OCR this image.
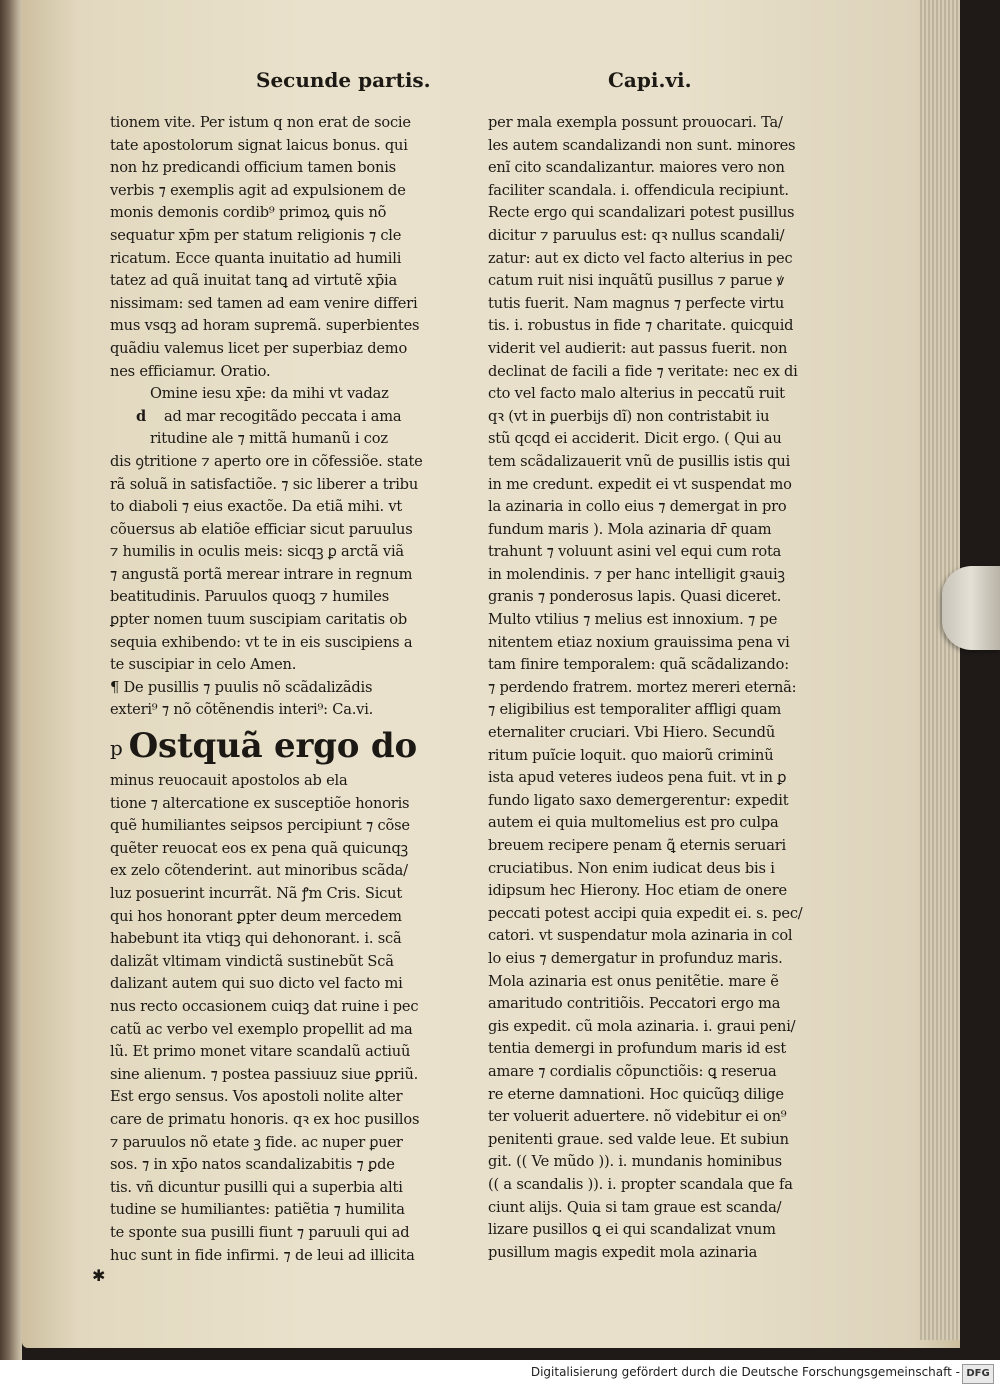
Secunde partis.	Capi.vi.
tionem vite. Per istum q non erat de socie
tate apostolorum signat laicus bonus. qui
non hz predicandi officium tamen bonis
verbis ⁊ exemplis agit ad expulsionem de
monis demonis cordib⁹ primoꝝ ꝗuis nõ
sequatur xp̄m per statum religionis ⁊ cle
ricatum. Ecce quanta inuitatio ad humili
tatez ad quã inuitat tanꝗ ad virtutẽ xp̄ia
nissimam: sed tamen ad eam venire differi
mus vsqꝫ ad horam supremã. superbientes
quãdiu valemus licet per superbiaz demo
nes efficiamur. Oratio.
Omine iesu xp̄e: da mihi vt vadaz
d ad mar recogitãdo peccata i ama
ritudine ale ⁊ mittã humanũ i coz
dis ꝯtritione ⁊ aperto ore in cõfessiõe. state
rã soluã in satisfactiõe. ⁊ sic liberer a tribu
to diaboli ⁊ eius exactõe. Da etiã mihi. vt
cõuersus ab elatiõe efficiar sicut paruulus
⁊ humilis in oculis meis: sicqꝫ ꝑ arctã viã
⁊ angustã portã merear intrare in regnum
beatitudinis. Paruulos quoqꝫ ⁊ humiles
ꝑpter nomen tuum suscipiam caritatis ob
sequia exhibendo: vt te in eis suscipiens a
te suscipiar in celo Amen.
¶ De pusillis ⁊ puulis nõ scãdalizãdis
exteri⁹ ⁊ nõ cõtẽnendis interi⁹: Ca.vi.
p Ostquã ergo do
minus reuocauit apostolos ab ela
tione ⁊ altercatione ex susceptiõe honoris
quẽ humiliantes seipsos percipiunt ⁊ cõse
quẽter reuocat eos ex pena quã quicunqꝫ
ex zelo cõtenderint. aut minoribus scãda/
luz posuerint incurrãt. Nã ꝭm Cris. Sicut
qui hos honorant ꝑpter deum mercedem
habebunt ita vtiqꝫ qui dehonorant. i. scã
dalizãt vltimam vindictã sustinebũt Scã
dalizant autem qui suo dicto vel facto mi
nus recto occasionem cuiqꝫ dat ruine i pec
catũ ac verbo vel exemplo propellit ad ma
lũ. Et primo monet vitare scandalũ actiuũ
sine alienum. ⁊ postea passiuuz siue ꝑpriũ.
Est ergo sensus. Vos apostoli nolite alter
care de primatu honoris. qꝛ ex hoc pusillos
⁊ paruulos nõ etate ꝫ fide. ac nuper ꝑuer
sos. ⁊ in xp̄o natos scandalizabitis ⁊ ꝑde
tis. vñ dicuntur pusilli qui a superbia alti
tudine se humiliantes: patiẽtia ⁊ humilita
te sponte sua pusilli fiunt ⁊ paruuli qui ad
huc sunt in fide infirmi. ⁊ de leui ad illicita
per mala exempla possunt prouocari. Ta/
les autem scandalizandi non sunt. minores
enĩ cito scandalizantur. maiores vero non
faciliter scandala. i. offendicula recipiunt.
Recte ergo qui scandalizari potest pusillus
dicitur ⁊ paruulus est: qꝛ nullus scandali/
zatur: aut ex dicto vel facto alterius in pec
catum ruit nisi inquãtũ pusillus ⁊ parue ꝟ
tutis fuerit. Nam magnus ⁊ perfecte virtu
tis. i. robustus in fide ⁊ charitate. quicquid
viderit vel audierit: aut passus fuerit. non
declinat de facili a fide ⁊ veritate: nec ex di
cto vel facto malo alterius in peccatũ ruit
qꝛ (vt in ꝑuerbijs dĩ) non contristabit iu
stũ qcqd ei acciderit. Dicit ergo. ( Qui au
tem scãdalizauerit vnũ de pusillis istis qui
in me credunt. expedit ei vt suspendat mo
la azinaria in collo eius ⁊ demergat in pro
fundum maris ). Mola azinaria dr̄ quam
trahunt ⁊ voluunt asini vel equi cum rota
in molendinis. ⁊ per hanc intelligit gꝛauiꝫ
granis ⁊ ponderosus lapis. Quasi diceret.
Multo vtilius ⁊ melius est innoxium. ⁊ pe
nitentem etiaz noxium grauissima pena vi
tam finire temporalem: quã scãdalizando:
⁊ perdendo fratrem. mortez mereri eternã:
⁊ eligibilius est temporaliter affligi quam
eternaliter cruciari. Vbi Hiero. Secundũ
ritum puĩcie loquit. quo maiorũ criminũ
ista apud veteres iudeos pena fuit. vt in ꝑ
fundo ligato saxo demergerentur: expedit
autem ei quia multomelius est pro culpa
breuem recipere penam ꝗ̃ eternis seruari
cruciatibus. Non enim iudicat deus bis i
idipsum hec Hierony. Hoc etiam de onere
peccati potest accipi quia expedit ei. s. pec/
catori. vt suspendatur mola azinaria in col
lo eius ⁊ demergatur in profunduz maris.
Mola azinaria est onus penitẽtie. mare ẽ
amaritudo contritiõis. Peccatori ergo ma
gis expedit. cũ mola azinaria. i. graui peni/
tentia demergi in profundum maris id est
amare ⁊ cordialis cõpunctiõis: ꝗ reserua
re eterne damnationi. Hoc quicũqꝫ dilige
ter voluerit aduertere. nõ videbitur ei on⁹
penitenti graue. sed valde leue. Et subiun
git. (( Ve mũdo )). i. mundanis hominibus
(( a scandalis )). i. propter scandala que fa
ciunt alijs. Quia si tam graue est scanda/
lizare pusillos ꝗ ei qui scandalizat vnum
pusillum magis expedit mola azinaria
✱
Digitalisierung gefördert durch die Deutsche Forschungsgemeinschaft - DFG
